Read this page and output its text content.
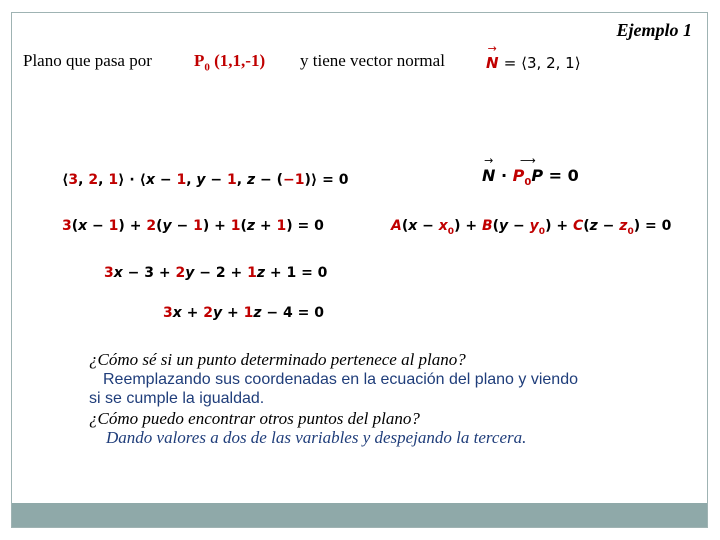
Ejemplo 1
Plano que pasa por $P_0$ (1,1,-1) y tiene vector normal
→	N = ⟨3, 2, 1⟩
⟨3, 2, 1⟩ · ⟨x − 1, y − 1, z − (−1)⟩ = 0
3(x − 1) + 2(y − 1) + 1(z + 1) = 0
3x − 3 + 2y − 2 + 1z + 1 = 0
3x + 2y + 1z − 4 = 0
→ N · ⟶ $P_0P = 0$
$A(x - x_0) + B(y - y_0) + C(z - z_0) = 0$
¿Cómo sé si un punto determinado pertenece al plano?
Reemplazando sus coordenadas en la ecuación del plano y viendo
si se cumple la igualdad.
¿Cómo puedo encontrar otros puntos del plano?
Dando valores a dos de las variables y despejando la tercera.
